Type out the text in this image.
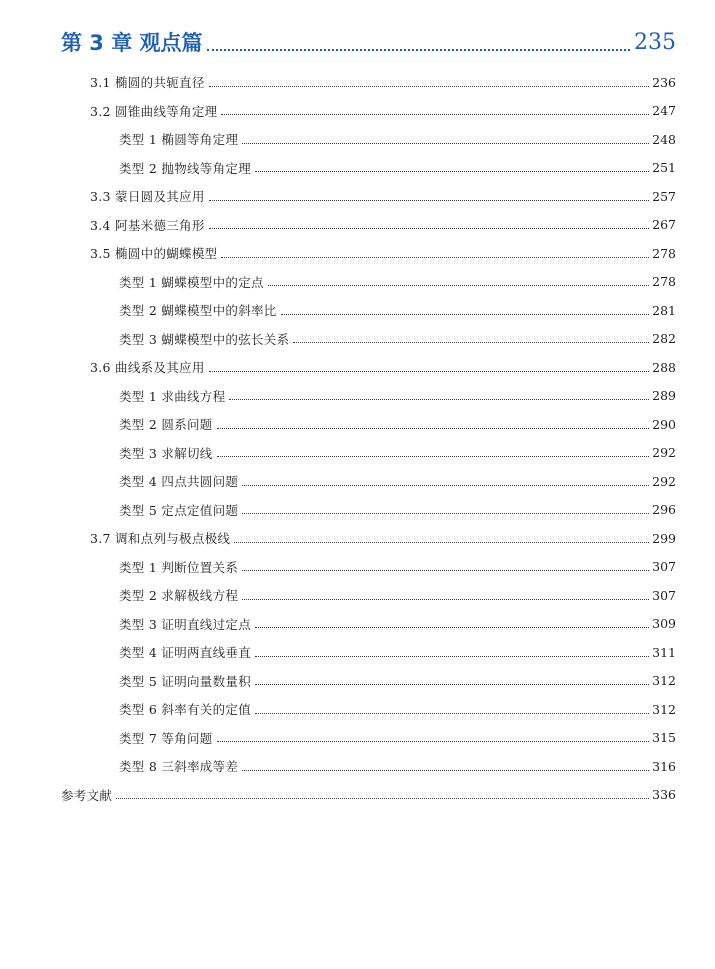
第 3 章 观点篇	235
3.1 椭圆的共轭直径	236
3.2 圆锥曲线等角定理	247
类型 1 椭圆等角定理	248
类型 2 抛物线等角定理	251
3.3 蒙日圆及其应用	257
3.4 阿基米德三角形	267
3.5 椭圆中的蝴蝶模型	278
类型 1 蝴蝶模型中的定点	278
类型 2 蝴蝶模型中的斜率比	281
类型 3 蝴蝶模型中的弦长关系	282
3.6 曲线系及其应用	288
类型 1 求曲线方程	289
类型 2 圆系问题	290
类型 3 求解切线	292
类型 4 四点共圆问题	292
类型 5 定点定值问题	296
3.7 调和点列与极点极线	299
类型 1 判断位置关系	307
类型 2 求解极线方程	307
类型 3 证明直线过定点	309
类型 4 证明两直线垂直	311
类型 5 证明向量数量积	312
类型 6 斜率有关的定值	312
类型 7 等角问题	315
类型 8 三斜率成等差	316
参考文献	336
